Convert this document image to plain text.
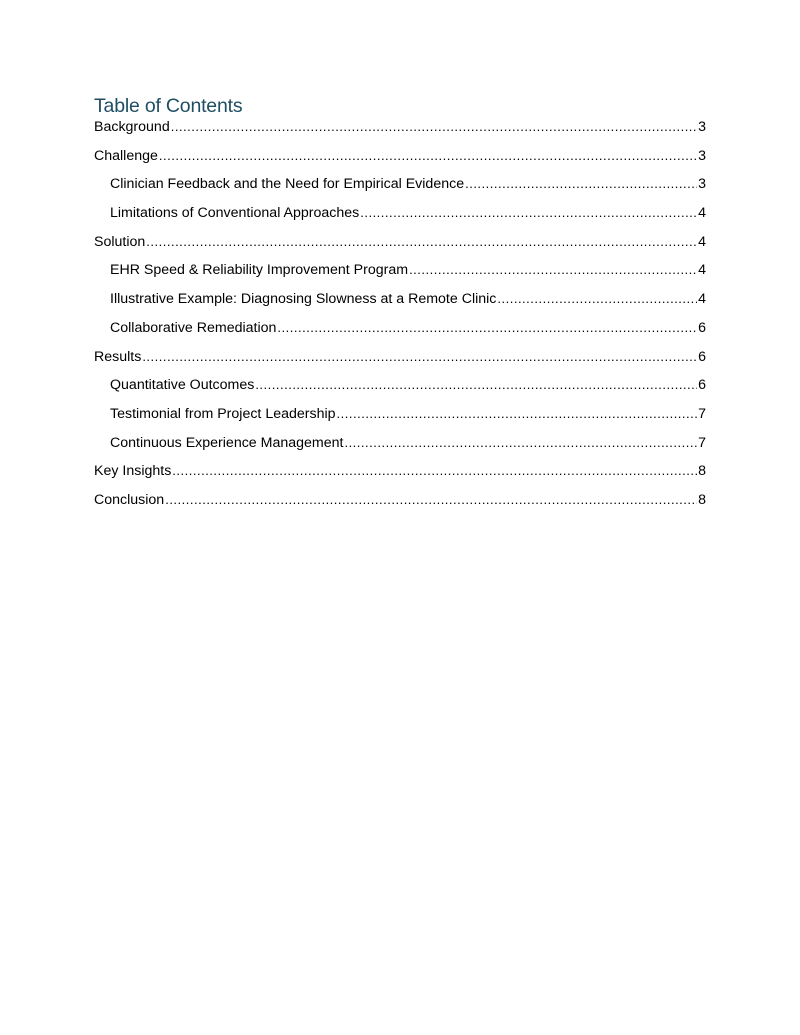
Table of Contents
Background .....	3
Challenge .....	3
Clinician Feedback and the Need for Empirical Evidence .....	3
Limitations of Conventional Approaches .....	4
Solution .....	4
EHR Speed & Reliability Improvement Program .....	4
Illustrative Example: Diagnosing Slowness at a Remote Clinic .....	4
Collaborative Remediation .....	6
Results .....	6
Quantitative Outcomes .....	6
Testimonial from Project Leadership .....	7
Continuous Experience Management .....	7
Key Insights .....	8
Conclusion .....	8
